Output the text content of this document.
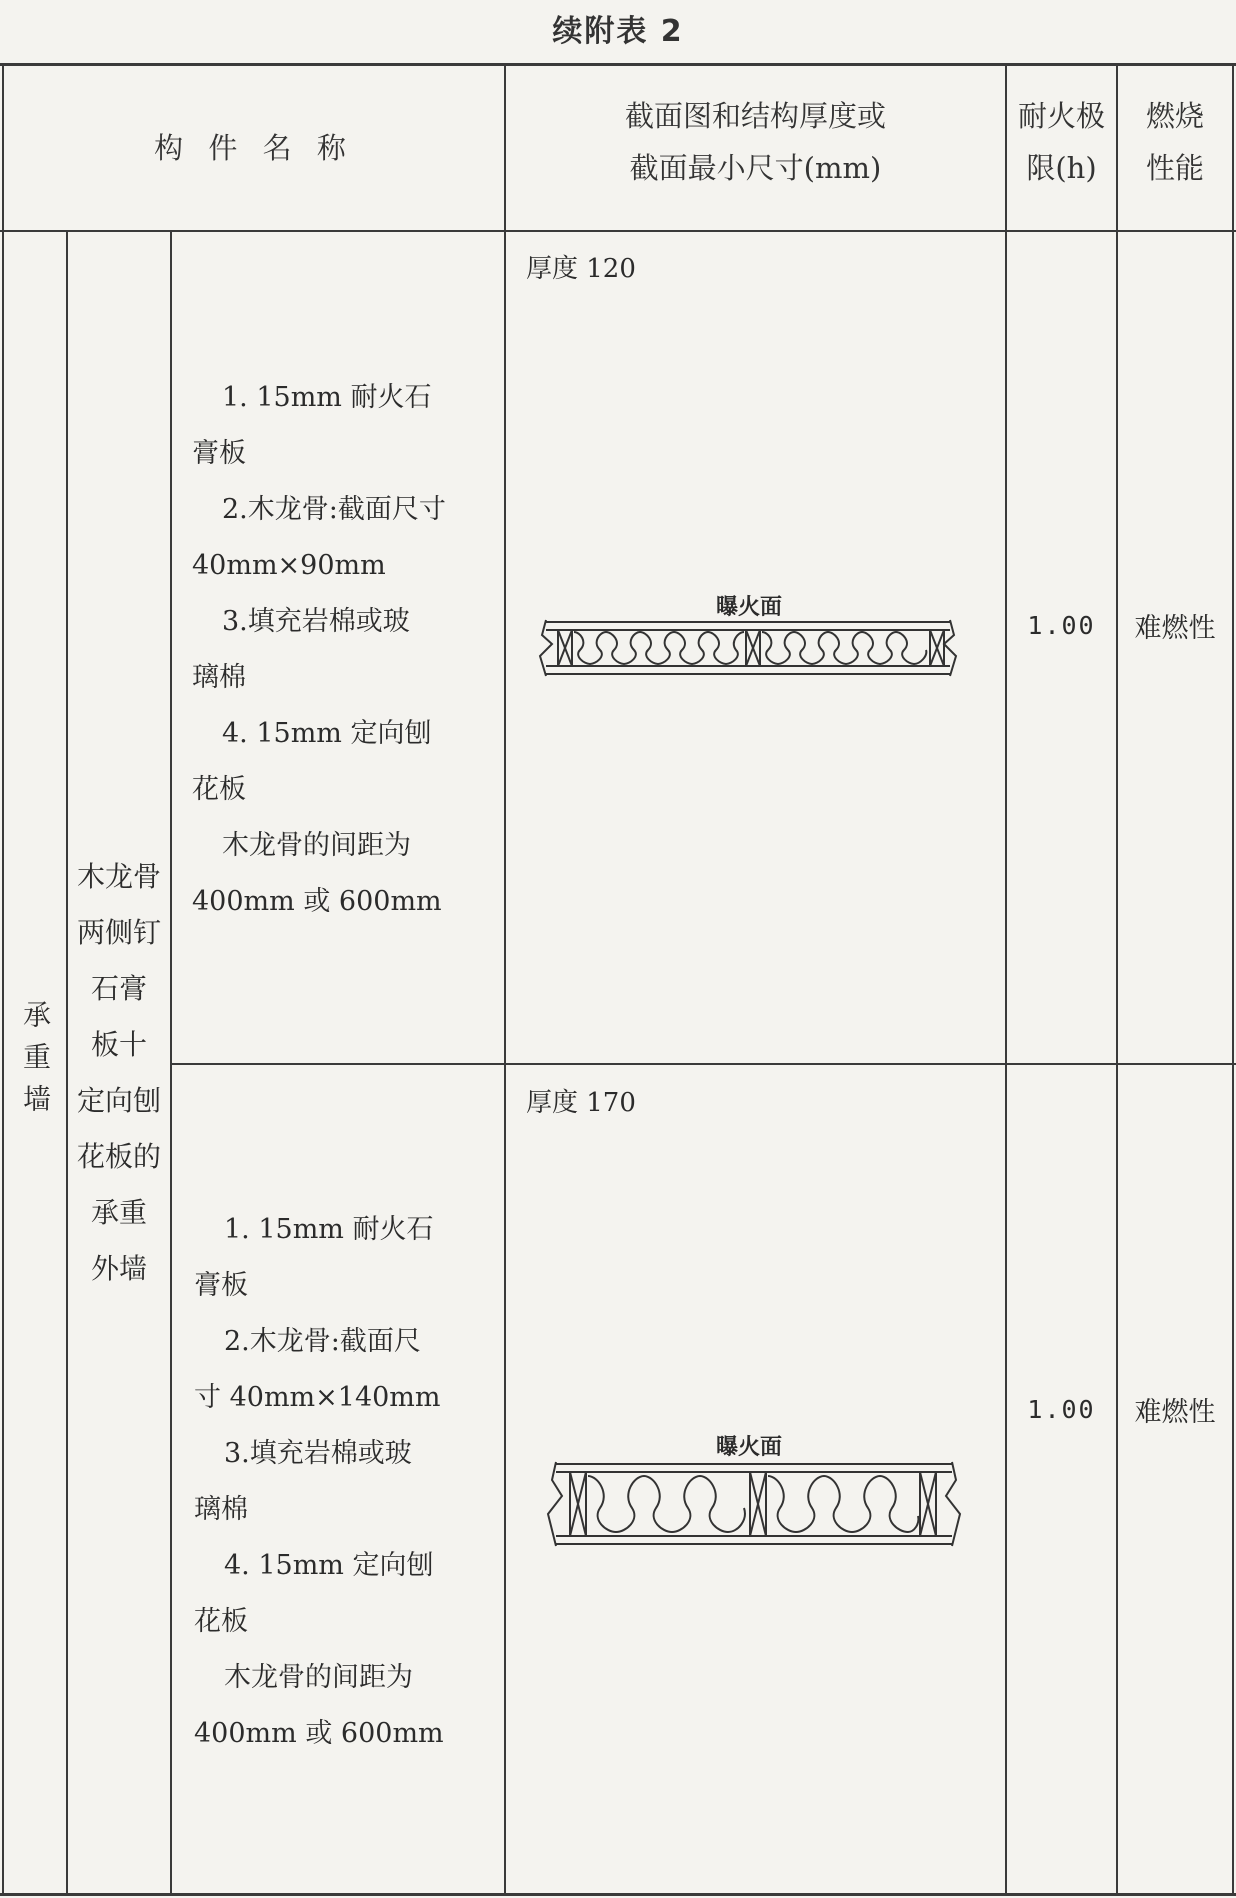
续附表 2
构 件 名 称
截面图和结构厚度或
截面最小尺寸(mm)
耐火极
限(h)
燃烧
性能
承重墙
木龙骨
两侧钉
石膏
板十
定向刨
花板的
承重
外墙

1. 15mm 耐火石

膏板

2.木龙骨:截面尺寸

40mm×90mm

3.填充岩棉或玻

璃棉

4. 15mm 定向刨

花板

木龙骨的间距为

400mm 或 600mm

厚度 120
曝火面
1.00 难燃性

1. 15mm 耐火石

膏板

2.木龙骨:截面尺

寸 40mm×140mm

3.填充岩棉或玻

璃棉

4. 15mm 定向刨

花板

木龙骨的间距为

400mm 或 600mm

厚度 170
曝火面
1.00 难燃性
